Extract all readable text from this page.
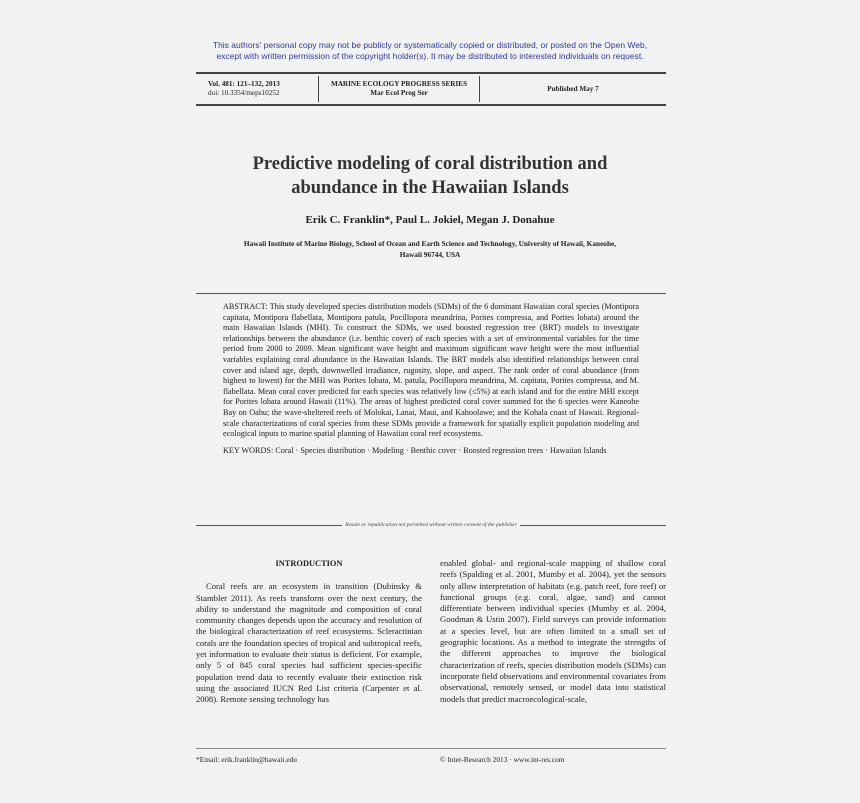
This authors' personal copy may not be publicly or systematically copied or distributed, or posted on the Open Web,
except with written permission of the copyright holder(s). It may be distributed to interested individuals on request.
Vol. 481: 121–132, 2013
doi: 10.3354/meps10252
MARINE ECOLOGY PROGRESS SERIES
Mar Ecol Prog Ser
Published May 7
Predictive modeling of coral distribution and
abundance in the Hawaiian Islands
Erik C. Franklin*, Paul L. Jokiel, Megan J. Donahue
Hawaii Institute of Marine Biology, School of Ocean and Earth Science and Technology, University of Hawaii, Kaneohe,
Hawaii 96744, USA

ABSTRACT: This study developed species distribution models (SDMs) of the 6 dominant Hawaiian coral species (Montipora capitata, Montipora flabellata, Montipora patula, Pocillopora meandrina, Porites compressa, and Porites lobata) around the main Hawaiian Islands (MHI). To construct the SDMs, we used boosted regression tree (BRT) models to investigate relationships between the abundance (i.e. benthic cover) of each species with a set of environmental variables for the time period from 2000 to 2009. Mean significant wave height and maximum significant wave height were the most influential variables explaining coral abundance in the Hawaiian Islands. The BRT models also identified relationships between coral cover and island age, depth, downwelled irradiance, rugosity, slope, and aspect. The rank order of coral abundance (from highest to lowest) for the MHI was Porites lobata, M. patula, Pocillopora meandrina, M. capitata, Porites compressa, and M. flabellata. Mean coral cover predicted for each species was relatively low (≤5%) at each island and for the entire MHI except for Porites lobata around Hawaii (11%). The areas of highest predicted coral cover summed for the 6 species were Kaneohe Bay on Oahu; the wave-sheltered reefs of Molokai, Lanai, Maui, and Kahoolawe; and the Kohala coast of Hawaii. Regional-scale characterizations of coral species from these SDMs provide a framework for spatially explicit population modeling and ecological inputs to marine spatial planning of Hawaiian coral reef ecosystems.

KEY WORDS: Coral · Species distribution · Modeling · Benthic cover · Boosted regression trees · Hawaiian Islands

Resale or republication not permitted without written consent of the publisher

INTRODUCTION

Coral reefs are an ecosystem in transition (Dubinsky & Stambler 2011). As reefs transform over the next century, the ability to understand the magnitude and composition of coral community changes depends upon the accuracy and resolution of the biological characterization of reef ecosystems. Scleractinian corals are the foundation species of tropical and subtropical reefs, yet information to evaluate their status is deficient. For example, only 5 of 845 coral species had sufficient species-specific population trend data to recently evaluate their extinction risk using the associated IUCN Red List criteria (Carpenter et al. 2008). Remote sensing technology has

enabled global- and regional-scale mapping of shallow coral reefs (Spalding et al. 2001, Mumby et al. 2004), yet the sensors only allow interpretation of habitats (e.g. patch reef, fore reef) or functional groups (e.g. coral, algae, sand) and cannot differentiate between individual species (Mumby et al. 2004, Goodman & Ustin 2007). Field surveys can provide information at a species level, but are often limited to a small set of geographic locations. As a method to integrate the strengths of the different approaches to improve the biological characterization of reefs, species distribution models (SDMs) can incorporate field observations and environmental covariates from observational, remotely sensed, or model data into statistical models that predict macroecological-scale,

*Email: erik.franklin@hawaii.edu	© Inter-Research 2013 · www.int-res.com
